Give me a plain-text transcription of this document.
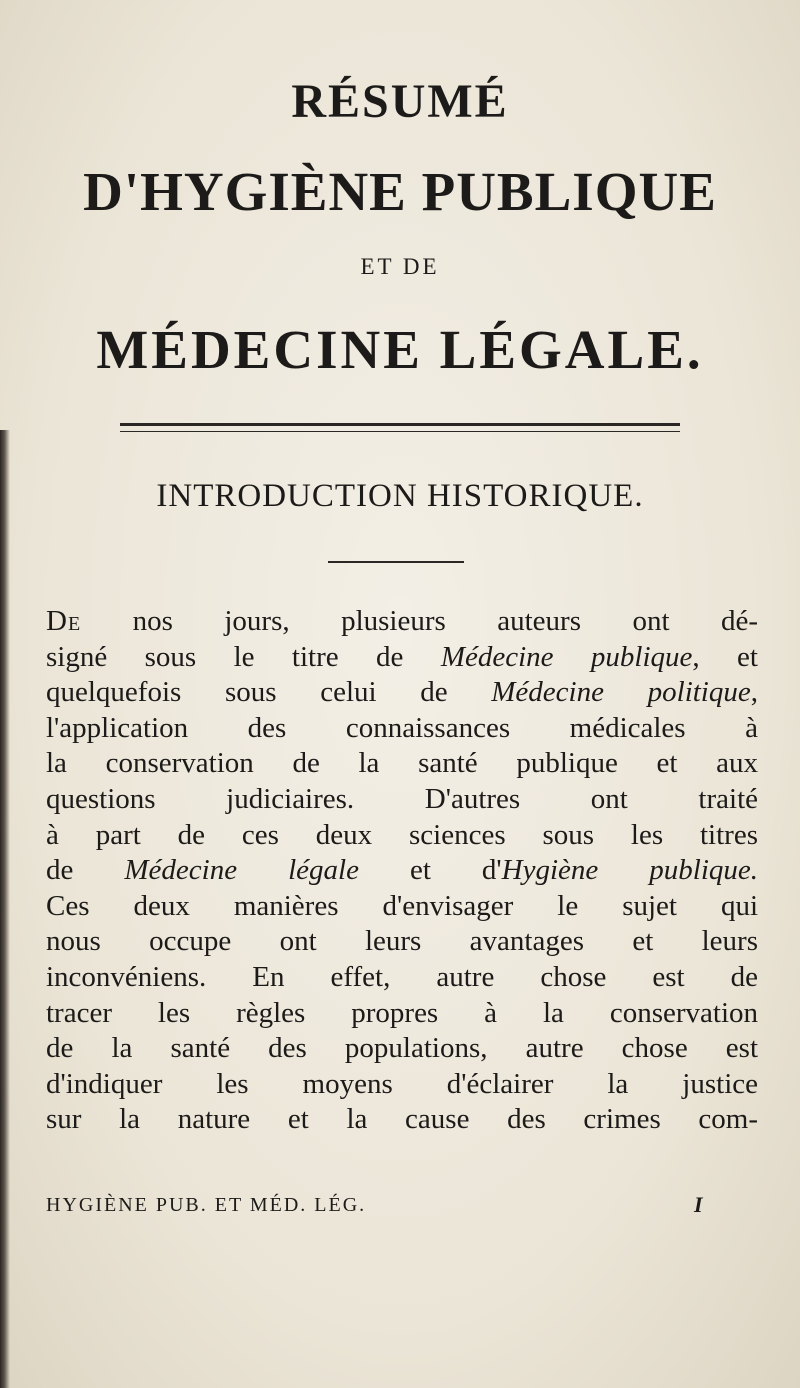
RÉSUMÉ
D'HYGIÈNE PUBLIQUE
ET DE
MÉDECINE LÉGALE.
INTRODUCTION HISTORIQUE.
De nos jours, plusieurs auteurs ont dé-
signé sous le titre de Médecine publique, et
quelquefois sous celui de Médecine politique,
l'application des connaissances médicales à
la conservation de la santé publique et aux
questions judiciaires. D'autres ont traité
à part de ces deux sciences sous les titres
de Médecine légale et d'Hygiène publique.
Ces deux manières d'envisager le sujet qui
nous occupe ont leurs avantages et leurs
inconvéniens. En effet, autre chose est de
tracer les règles propres à la conservation
de la santé des populations, autre chose est
d'indiquer les moyens d'éclairer la justice
sur la nature et la cause des crimes com-
HYGIÈNE PUB. ET MÉD. LÉG.	I
